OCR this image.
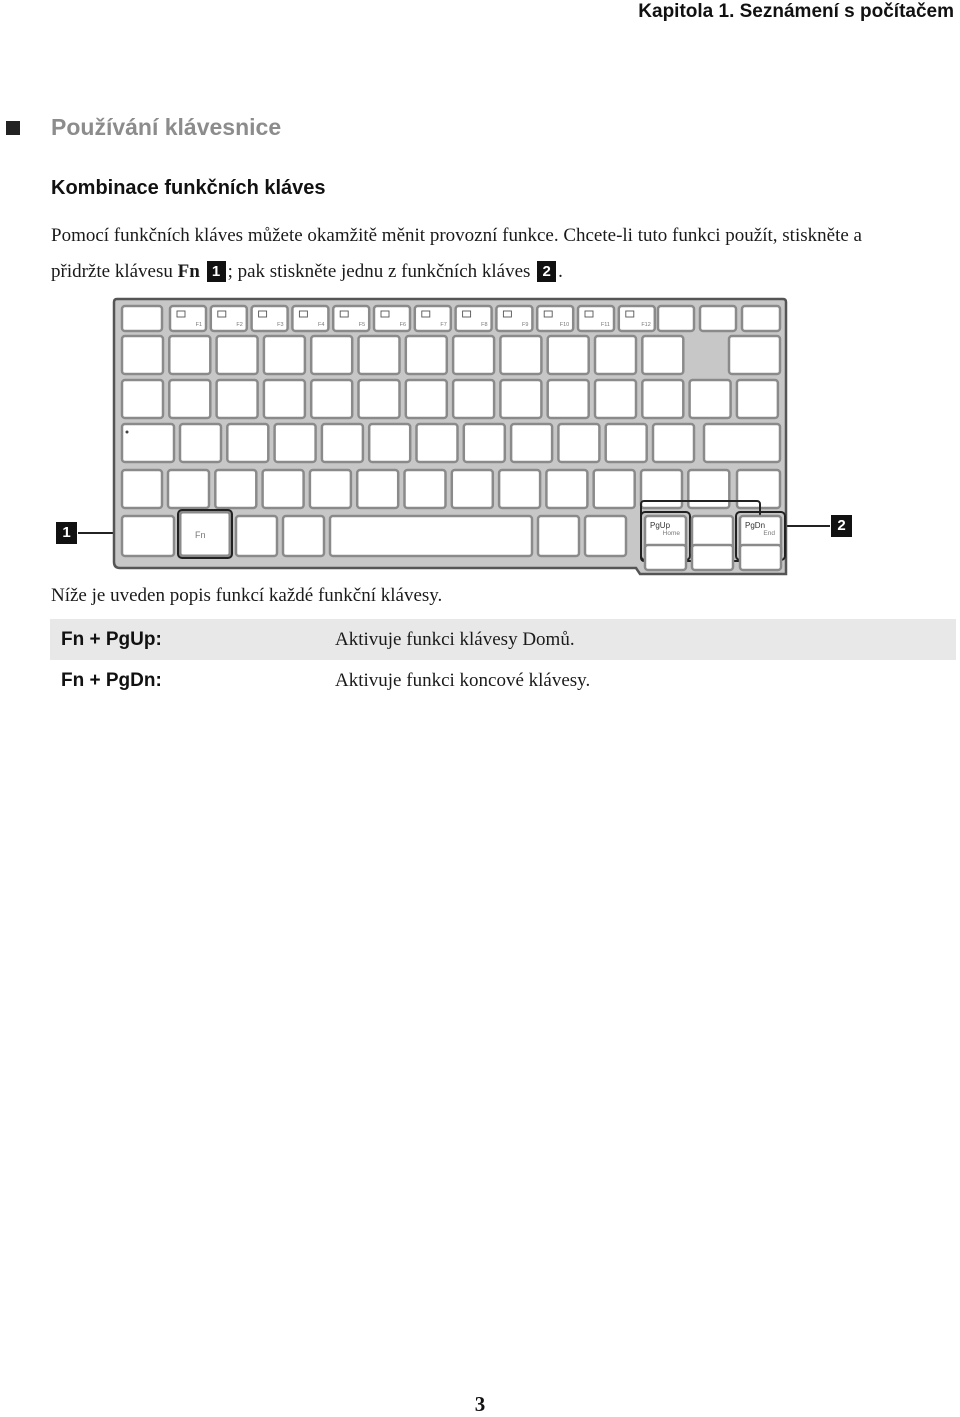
Kapitola 1. Seznámení s počítačem
Používání klávesnice
Kombinace funkčních kláves
Pomocí funkčních kláves můžete okamžitě měnit provozní funkce. Chcete-li tuto funkci použít, stiskněte a
přidržte klávesu Fn 1 ; pak stiskněte jednu z funkčních kláves 2 .
1	2
F1	F2	F3	F4	F5	F6	F7	F8	F9	F10	F11	F12
Fn
PgUp
Home
PgDn
End
Níže je uveden popis funkcí každé funkční klávesy.
Fn + PgUp:	Aktivuje funkci klávesy Domů.
Fn + PgDn:	Aktivuje funkci koncové klávesy.
3
